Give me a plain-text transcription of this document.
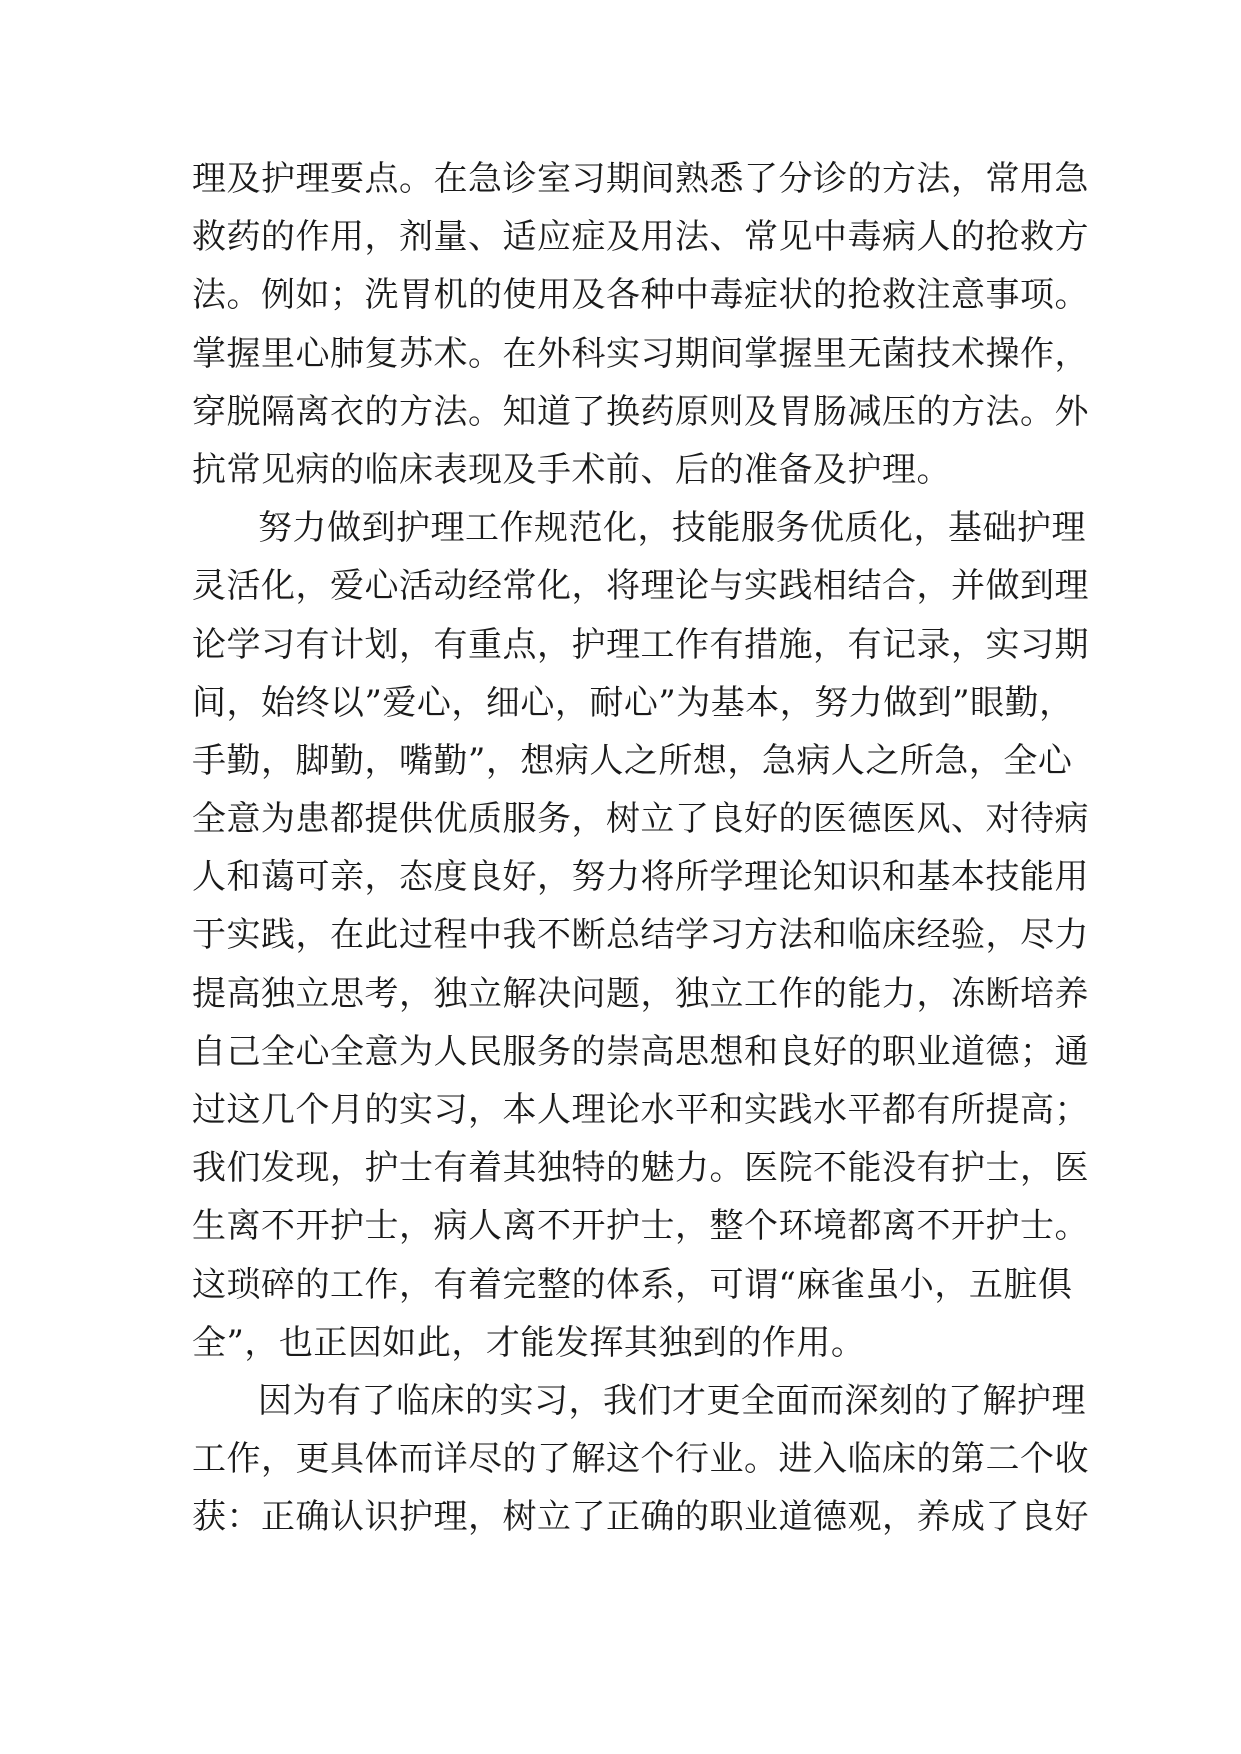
理及护理要点。在急诊室习期间熟悉了分诊的方法，常用急
救药的作用，剂量、适应症及用法、常见中毒病人的抢救方
法。例如；洗胃机的使用及各种中毒症状的抢救注意事项。
掌握里心肺复苏术。在外科实习期间掌握里无菌技术操作，
穿脱隔离衣的方法。知道了换药原则及胃肠减压的方法。外
抗常见病的临床表现及手术前、后的准备及护理。
努力做到护理工作规范化，技能服务优质化，基础护理
灵活化，爱心活动经常化，将理论与实践相结合，并做到理
论学习有计划，有重点，护理工作有措施，有记录，实习期
间，始终以”爱心，细心，耐心”为基本，努力做到”眼勤，
手勤，脚勤，嘴勤”，想病人之所想，急病人之所急，全心
全意为患都提供优质服务，树立了良好的医德医风、对待病
人和蔼可亲，态度良好，努力将所学理论知识和基本技能用
于实践，在此过程中我不断总结学习方法和临床经验，尽力
提高独立思考，独立解决问题，独立工作的能力，冻断培养
自己全心全意为人民服务的崇高思想和良好的职业道德；通
过这几个月的实习，本人理论水平和实践水平都有所提高；
我们发现，护士有着其独特的魅力。医院不能没有护士，医
生离不开护士，病人离不开护士，整个环境都离不开护士。
这琐碎的工作，有着完整的体系，可谓“麻雀虽小，五脏俱
全”，也正因如此，才能发挥其独到的作用。
因为有了临床的实习，我们才更全面而深刻的了解护理
工作，更具体而详尽的了解这个行业。进入临床的第二个收
获：正确认识护理，树立了正确的职业道德观，养成了良好
